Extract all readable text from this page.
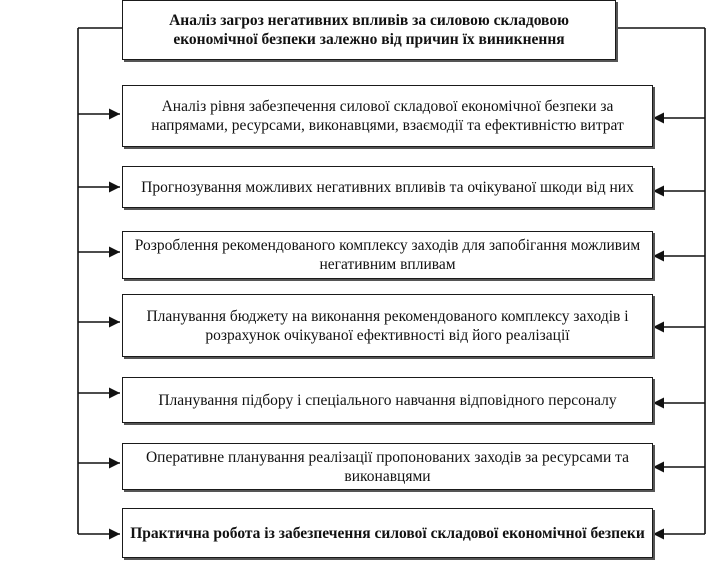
Аналіз загроз негативних впливів за силовою складовою економічної безпеки залежно від причин їх виникнення
Аналіз рівня забезпечення силової складової економічної безпеки за напрямами, ресурсами, виконавцями, взаємодії та ефективністю витрат
Прогнозування можливих негативних впливів та очікуваної шкоди від них
Розроблення рекомендованого комплексу заходів для запобігання можливим негативним впливам
Планування бюджету на виконання рекомендованого комплексу заходів і розрахунок очікуваної ефективності від його реалізації
Планування підбору і спеціального навчання відповідного персоналу
Оперативне планування реалізації пропонованих заходів за ресурсами та виконавцями
Практична робота із забезпечення силової складової економічної безпеки
